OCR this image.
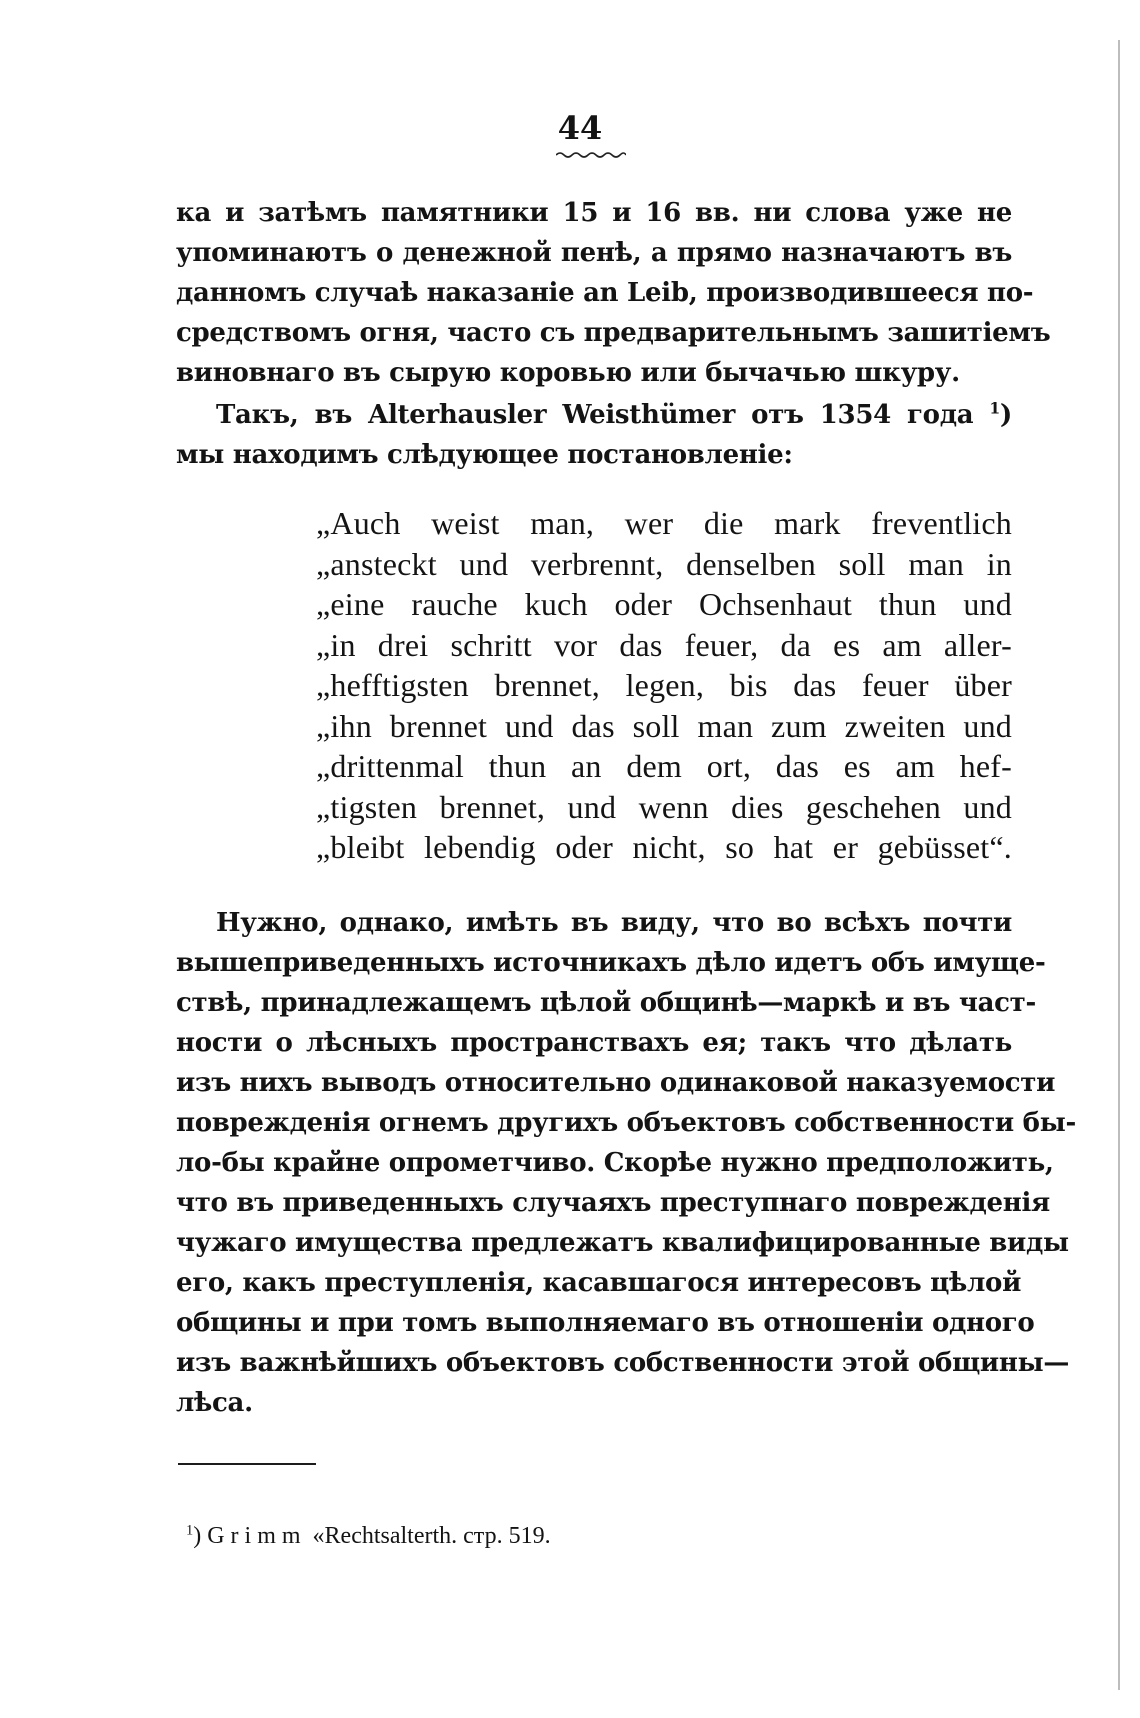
44
ка и затѣмъ памятники 15 и 16 вв. ни слова уже не
упоминаютъ о денежной пенѣ, а прямо назначаютъ въ
данномъ случаѣ наказаніе an Leib, производившееся по-
средствомъ огня, часто съ предварительнымъ зашитіемъ
виновнаго въ сырую коровью или бычачью шкуру.
Такъ, въ Alterhausler Weisthümer отъ 1354 года $^1$)
мы находимъ слѣдующее постановленіе:
„Auch weist man, wer die mark freventlich
„ansteckt und verbrennt, denselben soll man in
„eine rauche kuch oder Ochsenhaut thun und
„in drei schritt vor das feuer, da es am aller-
„hefftigsten brennet, legen, bis das feuer über
„ihn brennet und das soll man zum zweiten und
„drittenmal thun an dem ort, das es am hef-
„tigsten brennet, und wenn dies geschehen und
„bleibt lebendig oder nicht, so hat er gebüsset“.
Нужно, однако, имѣть въ виду, что во всѣхъ почти
вышеприведенныхъ источникахъ дѣло идетъ объ имуще-
ствѣ, принадлежащемъ цѣлой общинѣ—маркѣ и въ част-
ности о лѣсныхъ пространствахъ ея; такъ что дѣлать
изъ нихъ выводъ относительно одинаковой наказуемости
поврежденія огнемъ другихъ объектовъ собственности бы-
ло-бы крайне опрометчиво. Скорѣе нужно предположить,
что въ приведенныхъ случаяхъ преступнаго поврежденія
чужаго имущества предлежатъ квалифицированные виды
его, какъ преступленія, касавшагося интересовъ цѣлой
общины и при томъ выполняемаго въ отношеніи одного
изъ важнѣйшихъ объектовъ собственности этой общины—
лѣса.

$^1$) Grimm «Rechtsalterth. стр. 519.
